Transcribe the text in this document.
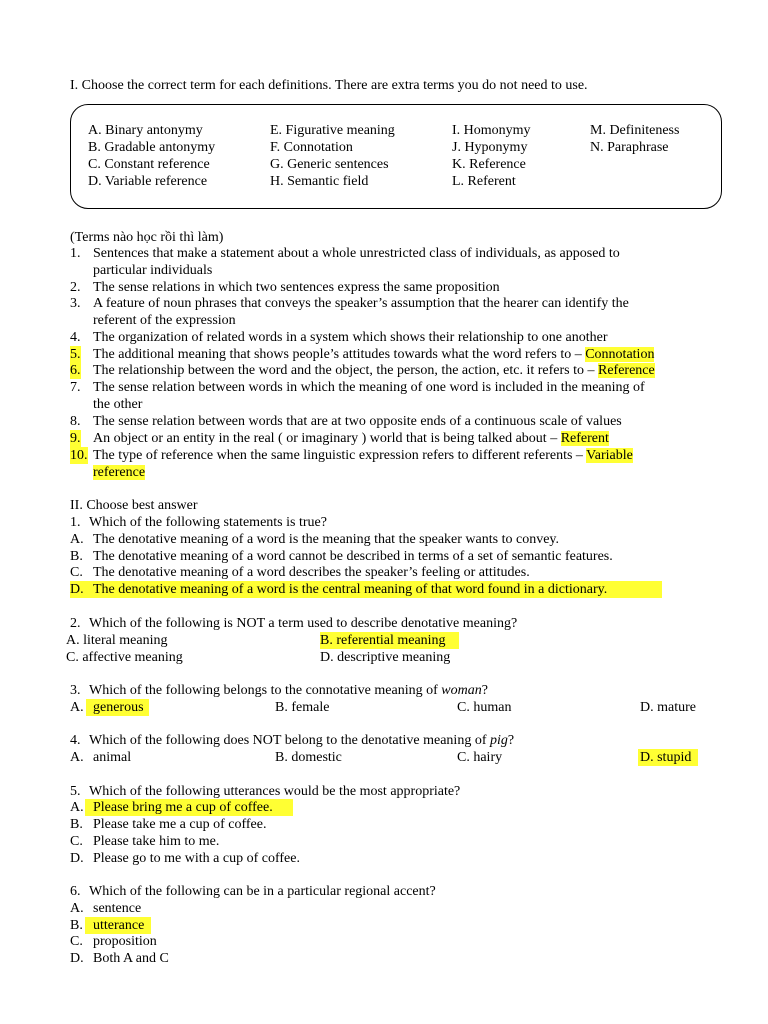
I. Choose the correct term for each definitions. There are extra terms you do not need to use.
A. Binary antonymy
B. Gradable antonymy
C. Constant reference
D. Variable reference
E. Figurative meaning
F. Connotation
G. Generic sentences
H. Semantic field
I. Homonymy
J. Hyponymy
K. Reference
L. Referent
M. Definiteness
N. Paraphrase
(Terms nào học rồi thì làm)
1. Sentences that make a statement about a whole unrestricted class of individuals, as apposed to
particular individuals
2. The sense relations in which two sentences express the same proposition
3. A feature of noun phrases that conveys the speaker’s assumption that the hearer can identify the
referent of the expression
4. The organization of related words in a system which shows their relationship to one another
5. The additional meaning that shows people’s attitudes towards what the word refers to – Connotation
6. The relationship between the word and the object, the person, the action, etc. it refers to – Reference
7. The sense relation between words in which the meaning of one word is included in the meaning of
the other
8. The sense relation between words that are at two opposite ends of a continuous scale of values
9. An object or an entity in the real ( or imaginary ) world that is being talked about – Referent
10. The type of reference when the same linguistic expression refers to different referents – Variable
reference
II. Choose best answer
1. Which of the following statements is true?
A. The denotative meaning of a word is the meaning that the speaker wants to convey.
B. The denotative meaning of a word cannot be described in terms of a set of semantic features.
C. The denotative meaning of a word describes the speaker’s feeling or attitudes.
D. The denotative meaning of a word is the central meaning of that word found in a dictionary.
2. Which of the following is NOT a term used to describe denotative meaning?
A. literal meaning	B. referential meaning
C. affective meaning	D. descriptive meaning
3. Which of the following belongs to the connotative meaning of woman?
A. generous	B. female	C. human	D. mature
4. Which of the following does NOT belong to the denotative meaning of pig?
A. animal	B. domestic	C. hairy	D. stupid
5. Which of the following utterances would be the most appropriate?
A. Please bring me a cup of coffee.
B. Please take me a cup of coffee.
C. Please take him to me.
D. Please go to me with a cup of coffee.
6. Which of the following can be in a particular regional accent?
A. sentence
B. utterance
C. proposition
D. Both A and C
